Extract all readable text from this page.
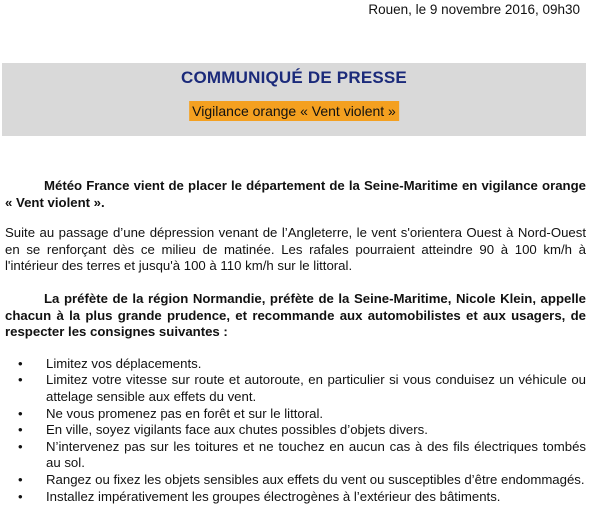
Rouen, le 9 novembre 2016, 09h30
COMMUNIQUÉ DE PRESSE
Vigilance orange « Vent violent »

Météo France vient de placer le département de la Seine-Maritime en vigilance orange « Vent violent ».

Suite au passage d’une dépression venant de l’Angleterre, le vent s'orientera Ouest à Nord-Ouest en se renforçant dès ce milieu de matinée. Les rafales pourraient atteindre 90 à 100 km/h à l'intérieur des terres et jusqu'à 100 à 110 km/h sur le littoral.

La préfète de la région Normandie, préfète de la Seine-Maritime, Nicole Klein, appelle chacun à la plus grande prudence, et recommande aux automobilistes et aux usagers, de respecter les consignes suivantes :

• Limitez vos déplacements.
• Limitez votre vitesse sur route et autoroute, en particulier si vous conduisez un véhicule ou attelage sensible aux effets du vent.
• Ne vous promenez pas en forêt et sur le littoral.
• En ville, soyez vigilants face aux chutes possibles d’objets divers.
• N’intervenez pas sur les toitures et ne touchez en aucun cas à des fils électriques tombés au sol.
• Rangez ou fixez les objets sensibles aux effets du vent ou susceptibles d’être endommagés.
• Installez impérativement les groupes électrogènes à l’extérieur des bâtiments.
